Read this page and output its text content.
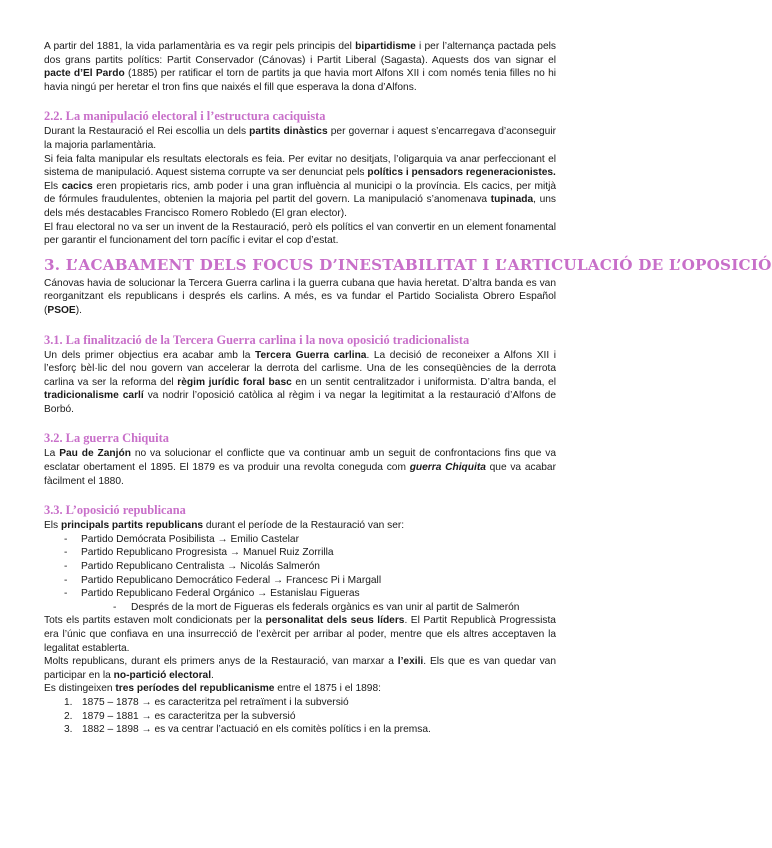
A partir del 1881, la vida parlamentària es va regir pels principis del bipartidisme i per l’alternança pactada pels dos grans partits polítics: Partit Conservador (Cánovas) i Partit Liberal (Sagasta). Aquests dos van signar el pacte d’El Pardo (1885) per ratificar el torn de partits ja que havia mort Alfons XII i com només tenia filles no hi havia ningú per heretar el tron fins que naixés el fill que esperava la dona d’Alfons.

2.2. La manipulació electoral i l’estructura caciquista

Durant la Restauració el Rei escollia un dels partits dinàstics per governar i aquest s’encarregava d’aconseguir la majoria parlamentària.

Si feia falta manipular els resultats electorals es feia. Per evitar no desitjats, l’oligarquia va anar perfeccionant el sistema de manipulació. Aquest sistema corrupte va ser denunciat pels polítics i pensadors regeneracionistes.

Els cacics eren propietaris rics, amb poder i una gran influència al municipi o la província. Els cacics, per mitjà de fórmules fraudulentes, obtenien la majoria pel partit del govern. La manipulació s’anomenava tupinada, uns dels més destacables Francisco Romero Robledo (El gran elector).

El frau electoral no va ser un invent de la Restauració, però els polítics el van convertir en un element fonamental per garantir el funcionament del torn pacífic i evitar el cop d’estat.

3. L’ACABAMENT DELS FOCUS D’INESTABILITAT I L’ARTICULACIÓ DE L’OPOSICIÓ

Cánovas havia de solucionar la Tercera Guerra carlina i la guerra cubana que havia heretat. D’altra banda es van reorganitzant els republicans i després els carlins. A més, es va fundar el Partido Socialista Obrero Español (PSOE).

3.1. La finalització de la Tercera Guerra carlina i la nova oposició tradicionalista

Un dels primer objectius era acabar amb la Tercera Guerra carlina. La decisió de reconeixer a Alfons XII i l’esforç bèl·lic del nou govern van accelerar la derrota del carlisme. Una de les conseqüències de la derrota carlina va ser la reforma del règim jurídic foral basc en un sentit centralitzador i uniformista. D’altra banda, el tradicionalisme carlí va nodrir l’oposició catòlica al règim i va negar la legitimitat a la restauració d’Alfons de Borbó.

3.2. La guerra Chiquita

La Pau de Zanjón no va solucionar el conflicte que va continuar amb un seguit de confrontacions fins que va esclatar obertament el 1895. El 1879 es va produir una revolta coneguda com guerra Chiquita que va acabar fàcilment el 1880.

3.3. L’oposició republicana

Els principals partits republicans durant el període de la Restauració van ser:

- Partido Demócrata Posibilista → Emilio Castelar
- Partido Republicano Progresista → Manuel Ruiz Zorrilla
- Partido Republicano Centralista → Nicolás Salmerón
- Partido Republicano Democrático Federal → Francesc Pi i Margall
- Partido Republicano Federal Orgánico → Estanislau Figueras
- Després de la mort de Figueras els federals orgànics es van unir al partit de Salmerón

Tots els partits estaven molt condicionats per la personalitat dels seus líders. El Partit Republicà Progressista era l’únic que confiava en una insurrecció de l’exèrcit per arribar al poder, mentre que els altres acceptaven la legalitat establerta.

Molts republicans, durant els primers anys de la Restauració, van marxar a l’exili. Els que es van quedar van participar en la no-partició electoral.

Es distingeixen tres períodes del republicanisme entre el 1875 i el 1898:

1. 1875 – 1878 → es caracteritza pel retraïment i la subversió
2. 1879 – 1881 → es caracteritza per la subversió
3. 1882 – 1898 → es va centrar l’actuació en els comitès polítics i en la premsa.
